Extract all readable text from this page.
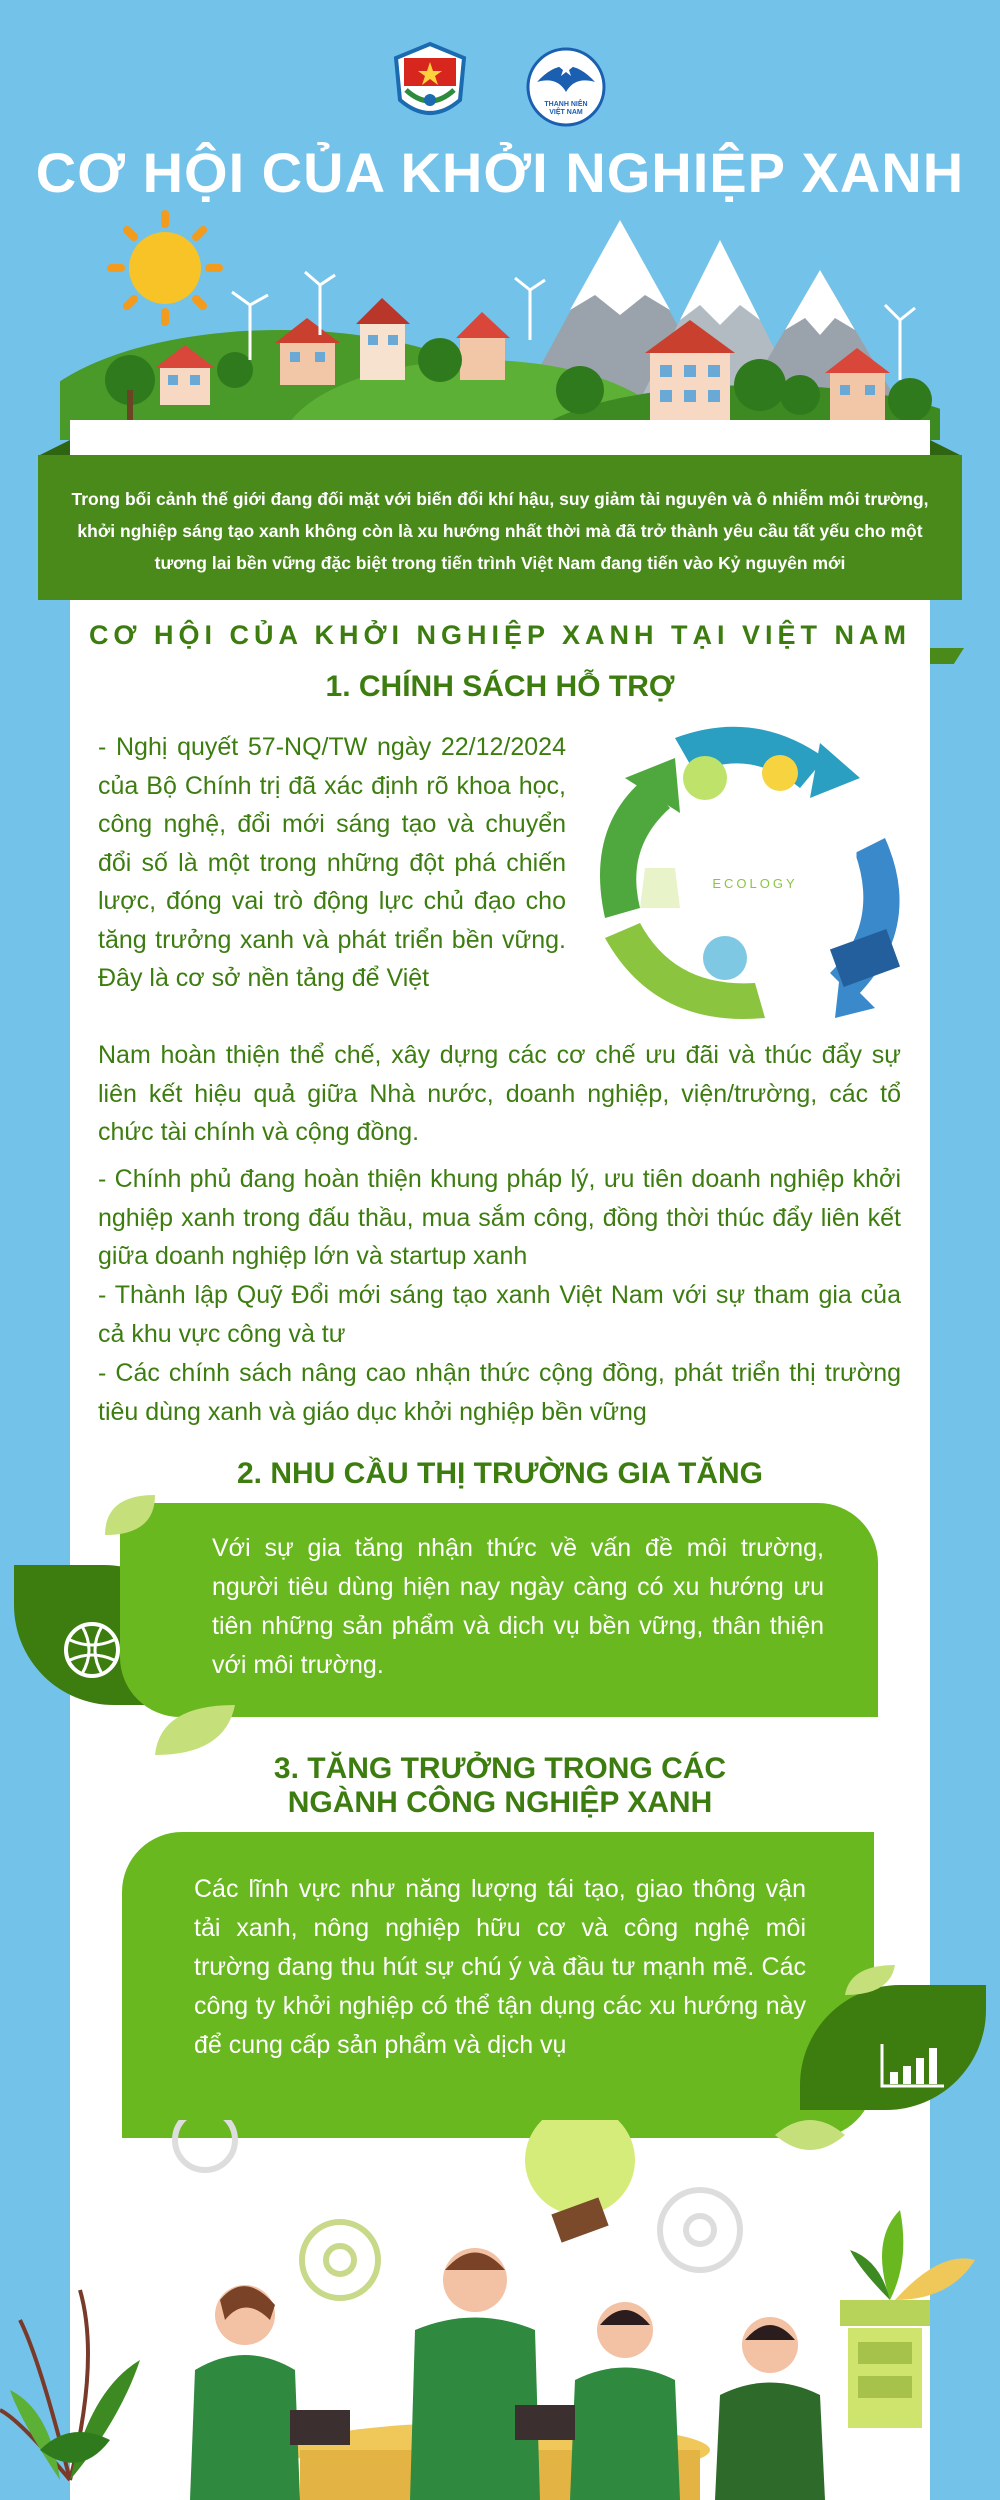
THANH NIÊN
VIỆT NAM
CƠ HỘI CỦA KHỞI NGHIỆP XANH

Trong bối cảnh thế giới đang đối mặt với biến đổi khí hậu, suy giảm tài nguyên và ô nhiễm môi trường, khởi nghiệp sáng tạo xanh không còn là xu hướng nhất thời mà đã trở thành yêu cầu tất yếu cho một tương lai bền vững đặc biệt trong tiến trình Việt Nam đang tiến vào Kỷ nguyên mới

CƠ HỘI CỦA KHỞI NGHIỆP XANH TẠI VIỆT NAM
1. CHÍNH SÁCH HỖ TRỢ
- Nghị quyết 57-NQ/TW ngày 22/12/2024 của Bộ Chính trị đã xác định rõ khoa học, công nghệ, đổi mới sáng tạo và chuyển đổi số là một trong những đột phá chiến lược, đóng vai trò động lực chủ đạo cho tăng trưởng xanh và phát triển bền vững. Đây là cơ sở nền tảng để Việt
ECOLOGY
Nam hoàn thiện thể chế, xây dựng các cơ chế ưu đãi và thúc đẩy sự liên kết hiệu quả giữa Nhà nước, doanh nghiệp, viện/trường, các tổ chức tài chính và cộng đồng.
- Chính phủ đang hoàn thiện khung pháp lý, ưu tiên doanh nghiệp khởi nghiệp xanh trong đấu thầu, mua sắm công, đồng thời thúc đẩy liên kết giữa doanh nghiệp lớn và startup xanh
- Thành lập Quỹ Đổi mới sáng tạo xanh Việt Nam với sự tham gia của cả khu vực công và tư
- Các chính sách nâng cao nhận thức cộng đồng, phát triển thị trường tiêu dùng xanh và giáo dục khởi nghiệp bền vững
2. NHU CẦU THỊ TRƯỜNG GIA TĂNG

Với sự gia tăng nhận thức về vấn đề môi trường, người tiêu dùng hiện nay ngày càng có xu hướng ưu tiên những sản phẩm và dịch vụ bền vững, thân thiện với môi trường.

3. TĂNG TRƯỞNG TRONG CÁC
NGÀNH CÔNG NGHIỆP XANH

Các lĩnh vực như năng lượng tái tạo, giao thông vận tải xanh, nông nghiệp hữu cơ và công nghệ môi trường đang thu hút sự chú ý và đầu tư mạnh mẽ. Các công ty khởi nghiệp có thể tận dụng các xu hướng này để cung cấp sản phẩm và dịch vụ
